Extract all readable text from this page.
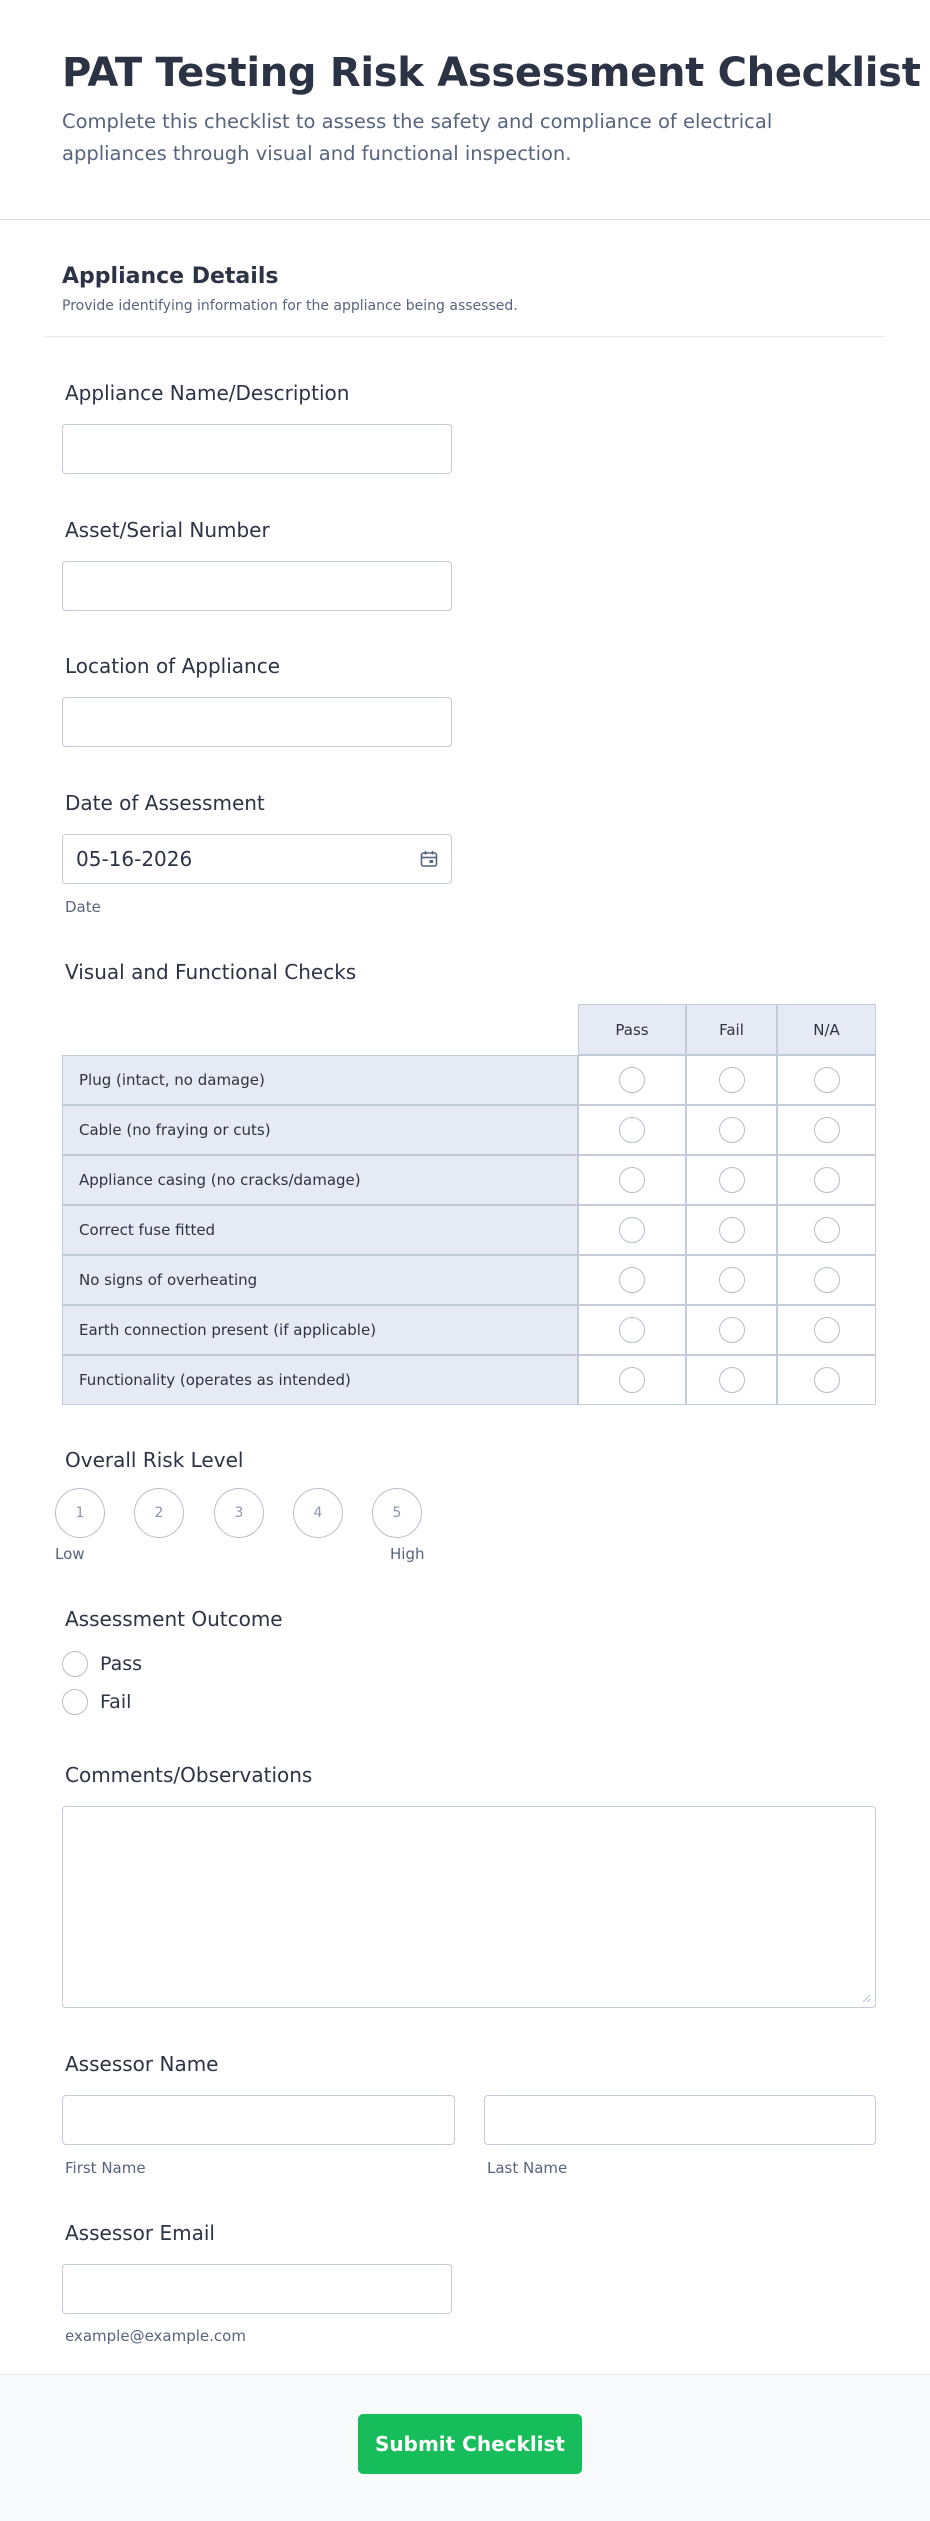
PAT Testing Risk Assessment Checklist
Complete this checklist to assess the safety and compliance of electrical appliances through visual and functional inspection.
Appliance Details
Provide identifying information for the appliance being assessed.
Appliance Name/Description
Asset/Serial Number
Location of Appliance
Date of Assessment
05-16-2026
Date
Visual and Functional Checks
Pass	Fail	N/A
Plug (intact, no damage)
Cable (no fraying or cuts)
Appliance casing (no cracks/damage)
Correct fuse fitted
No signs of overheating
Earth connection present (if applicable)
Functionality (operates as intended)
Overall Risk Level
1	2	3	4	5
Low	High
Assessment Outcome
Pass
Fail
Comments/Observations
Assessor Name
First Name	Last Name
Assessor Email
example@example.com
Submit Checklist
